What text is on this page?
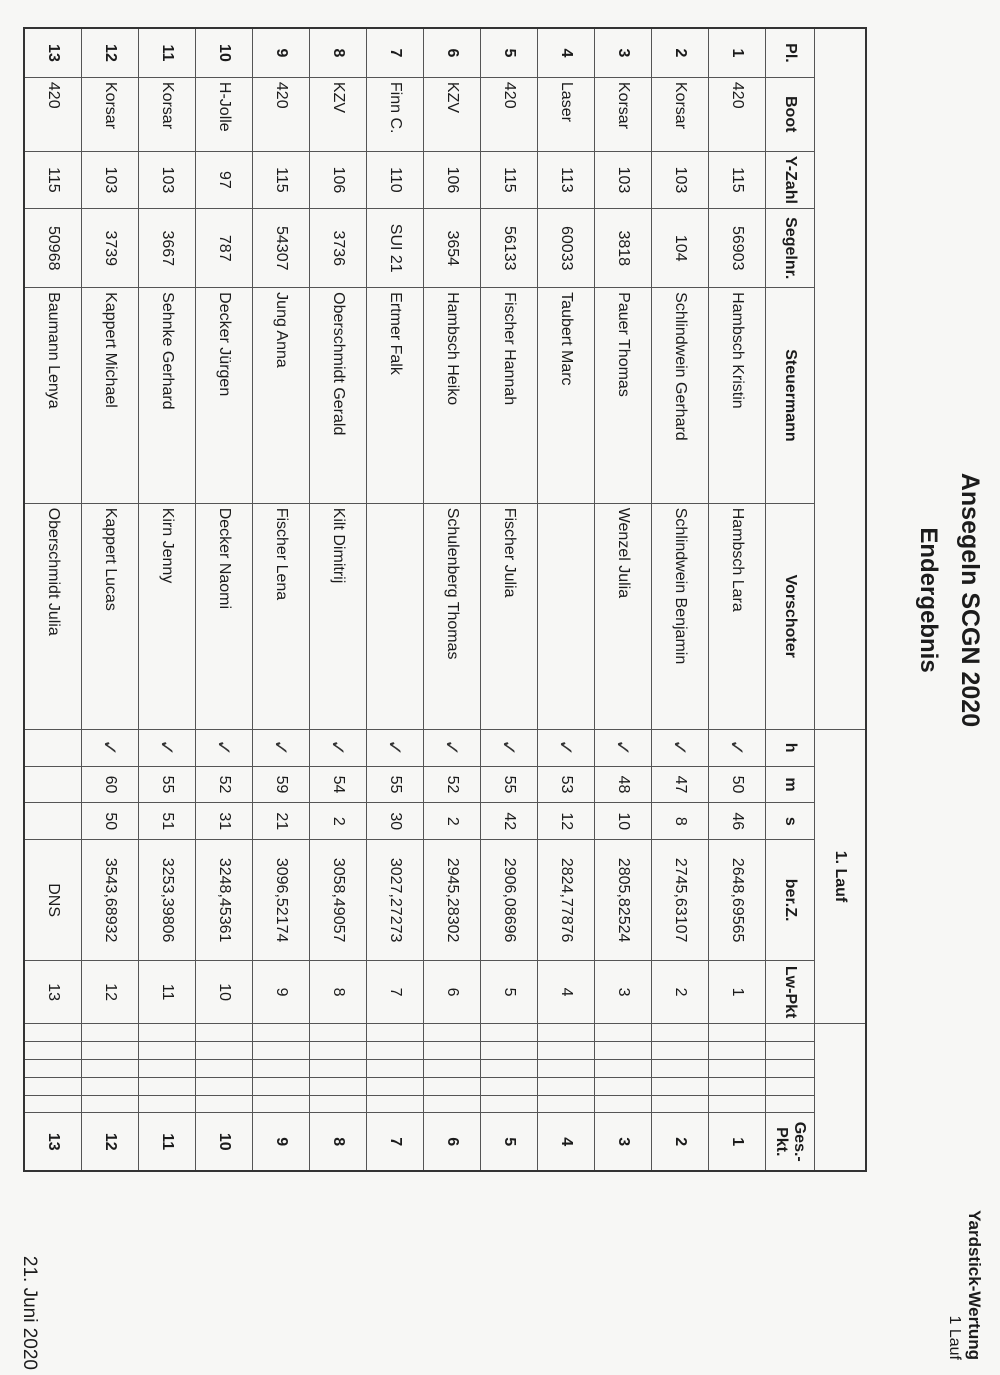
Ansegeln SCGN 2020
Endergebnis
Yardstick-Wertung
1 Lauf
21. Juni 2020
						1. Lauf										
Pl.	Boot	Y-Zahl	Segelnr.	Steuermann	Vorschoter	h	m	s	ber.Z.	Lw-Pkt						Ges.-Pkt.
1	420	115	56903	Hambsch Kristin	Hambsch Lara	✓	50	46	2648,69565	1						1
2	Korsar	103	104	Schlindwein Gerhard	Schlindwein Benjamin	✓	47	8	2745,63107	2						2
3	Korsar	103	3818	Pauer Thomas	Wenzel Julia	✓	48	10	2805,82524	3						3
4	Laser	113	60033	Taubert Marc		✓	53	12	2824,77876	4						4
5	420	115	56133	Fischer Hannah	Fischer Julia	✓	55	42	2906,08696	5						5
6	KZV	106	3654	Hambsch Heiko	Schulenberg Thomas	✓	52	2	2945,28302	6						6
7	Finn C.	110	SUI 21	Ertmer Falk		✓	55	30	3027,27273	7						7
8	KZV	106	3736	Oberschmidt Gerald	Kilt Dimitrij	✓	54	2	3058,49057	8						8
9	420	115	54307	Jung Anna	Fischer Lena	✓	59	21	3096,52174	9						9
10	H-Jolle	97	787	Decker Jürgen	Decker Naomi	✓	52	31	3248,45361	10						10
11	Korsar	103	3667	Sehnke Gerhard	Kirn Jenny	✓	55	51	3253,39806	11						11
12	Korsar	103	3739	Kappert Michael	Kappert Lucas	✓	60	50	3543,68932	12						12
13	420	115	50968	Baumann Lenya	Oberschmidt Julia				DNS	13						13
